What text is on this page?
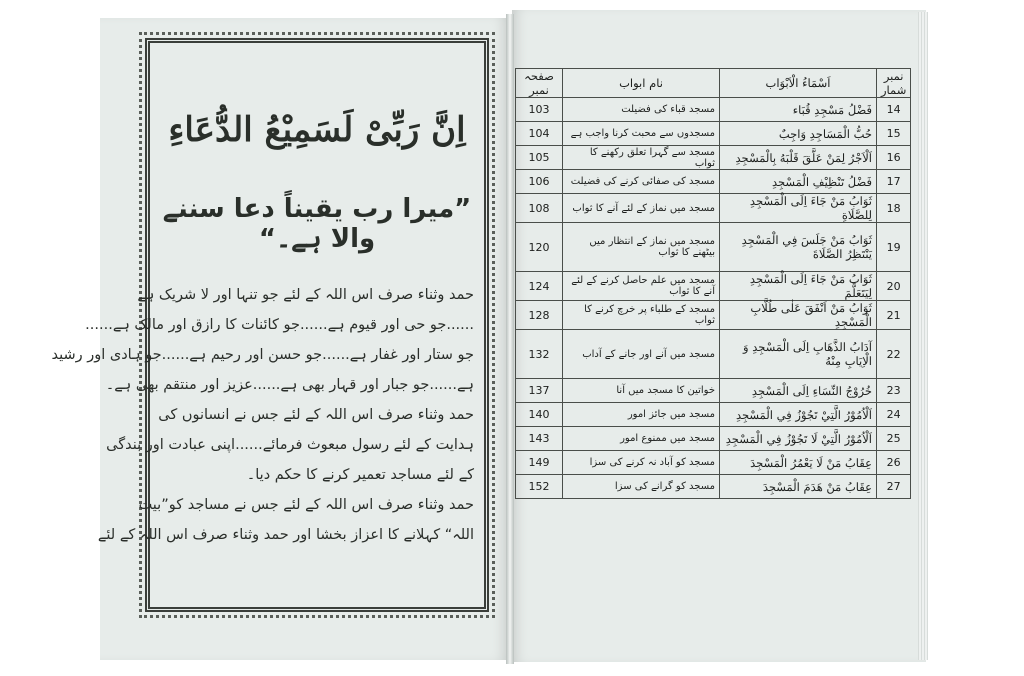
اِنَّ رَبِّیْ لَسَمِیْعُ الدُّعَاءِ
”میرا رب یقیناً دعا سننے والا ہے۔“

حمد وثناء صرف اس اللہ کے لئے جو تنہا اور لا شریک ہے

......جو حی اور قیوم ہے......جو کائنات کا رازق اور مالک ہے......

جو ستار اور غفار ہے......جو حسن اور رحیم ہے......جو ہادی اور رشید

ہے......جو جبار اور قہار بھی ہے......عزیز اور منتقم بھی ہے۔

حمد وثناء صرف اس اللہ کے لئے جس نے انسانوں کی

ہدایت کے لئے رسول مبعوث فرمائے......اپنی عبادت اور بندگی

کے لئے مساجد تعمیر کرنے کا حکم دیا۔

حمد وثناء صرف اس اللہ کے لئے جس نے مساجد کو”بیت

اللہ“ کہلانے کا اعزاز بخشا اور حمد وثناء صرف اس اللہ کے لئے

نمبر شمار	اَسْمَاءُ الْاَبْوَاب	نام ابواب	صفحہ نمبر
14	فَضْلُ مَسْجِدِ قُبَاء	مسجد قباء کی فضیلت	103
15	حُبُّ الْمَسَاجِدِ وَاجِبٌ	مسجدوں سے محبت کرنا واجب ہے	104
16	اَلْاَجْرُ لِمَنْ عَلَّقَ قَلْبَهُ بِالْمَسْجِدِ	مسجد سے گہرا تعلق رکھنے کا ثواب	105
17	فَضْلُ تَنْظِيْفِ الْمَسْجِدِ	مسجد کی صفائی کرنے کی فضیلت	106
18	ثَوَابُ مَنْ جَاءَ اِلَى الْمَسْجِدِ لِلصَّلَاةِ	مسجد میں نماز کے لئے آنے کا ثواب	108
19	ثَوَابُ مَنْ جَلَسَ فِي الْمَسْجِدِ يَنْتَظِرُ الصَّلَاةَ	مسجد میں نماز کے انتظار میں بیٹھنے کا ثواب	120
20	ثَوَابُ مَنْ جَاءَ اِلَى الْمَسْجِدِ لِيَتَعَلَّمَ	مسجد میں علم حاصل کرنے کے لئے آنے کا ثواب	124
21	ثَوَابُ مَنْ اَنْفَقَ عَلٰى طُلَّابِ الْمَسْجِدِ	مسجد کے طلباء پر خرچ کرنے کا ثواب	128
22	آدَابُ الذَّهَابِ اِلَى الْمَسْجِدِ وَ الْاِيَابِ مِنْهُ	مسجد میں آنے اور جانے کے آداب	132
23	خُرُوْجُ النِّسَاءِ اِلَى الْمَسْجِدِ	خواتین کا مسجد میں آنا	137
24	اَلْاُمُوْرُ الَّتِيْ تَجُوْزُ فِي الْمَسْجِدِ	مسجد میں جائز امور	140
25	اَلْاُمُوْرُ الَّتِيْ لَا تَجُوْزُ فِي الْمَسْجِدِ	مسجد میں ممنوع امور	143
26	عِقَابُ مَنْ لَا يَعْمُرُ الْمَسْجِدَ	مسجد کو آباد نہ کرنے کی سزا	149
27	عِقَابُ مَنْ هَدَمَ الْمَسْجِدَ	مسجد کو گرانے کی سزا	152
